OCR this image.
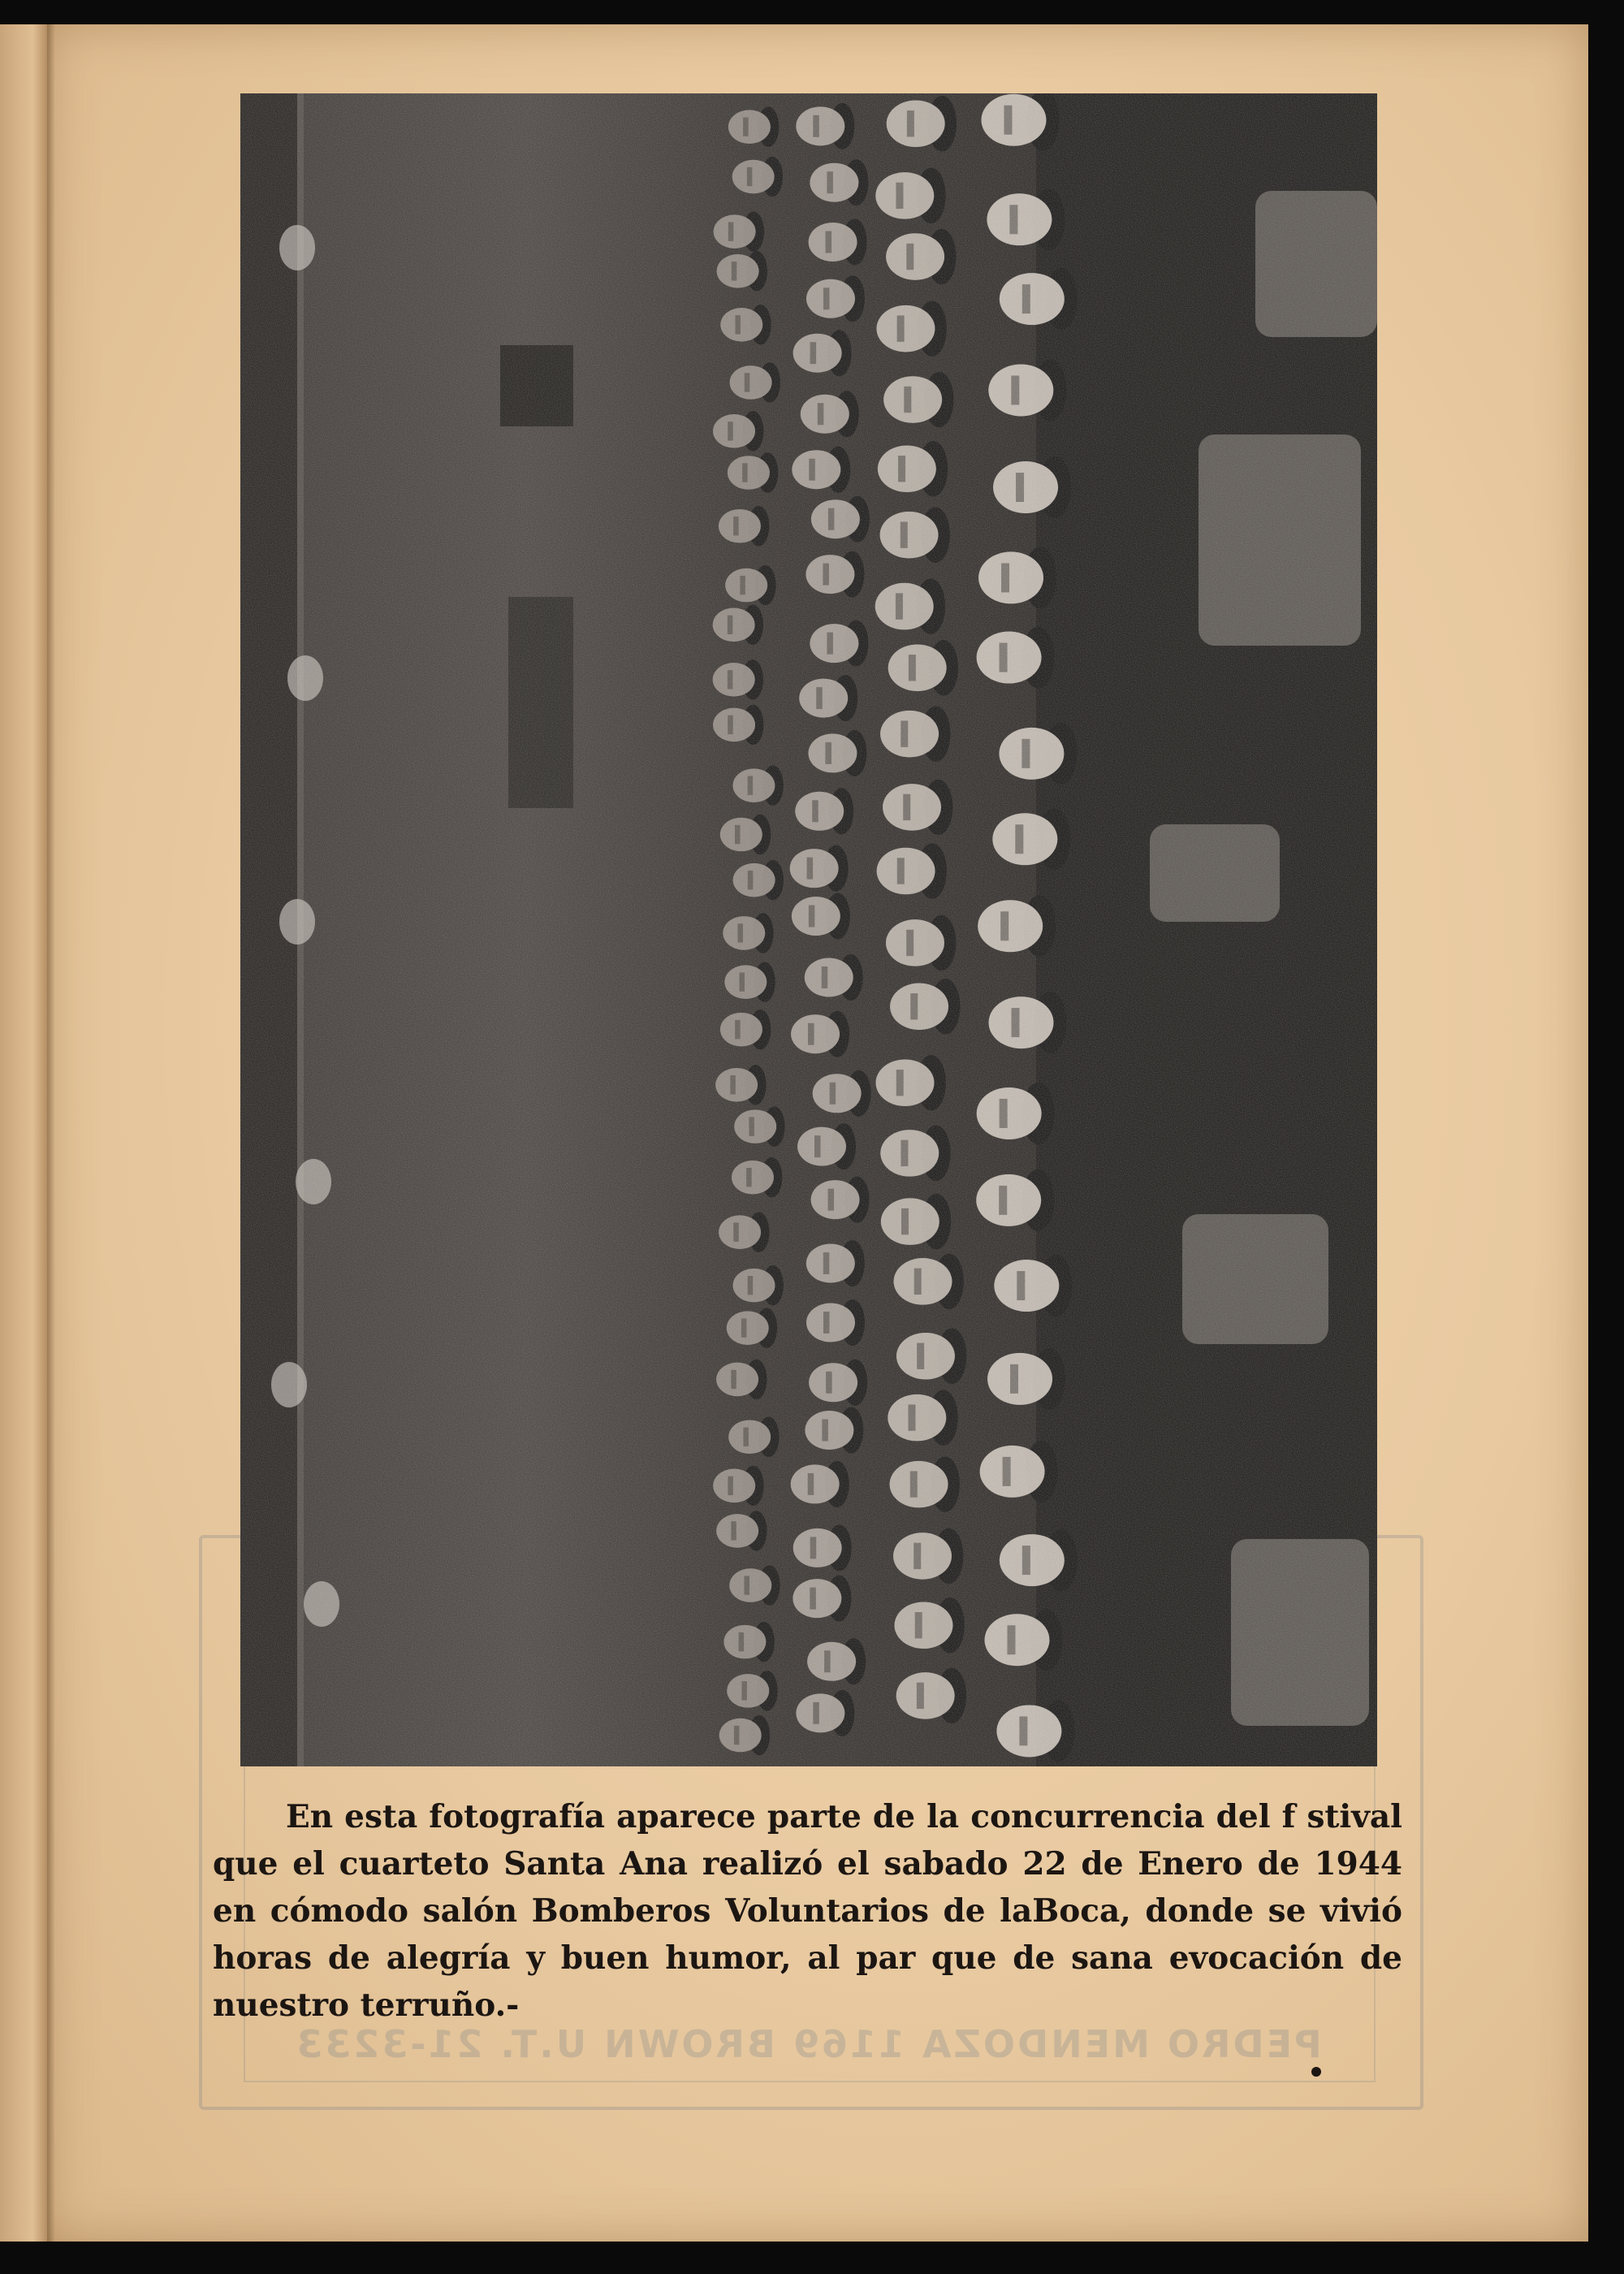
PEDRO MENDOZA 1169 BROWN U.T. 21-3233
En esta fotografía aparece parte de la concurrencia del f stival que el cuarteto Santa Ana realizó el sabado 22 de Enero de 1944 en cómodo salón Bomberos Voluntarios de laBoca, donde se vivió horas de alegría y buen humor, al par que de sana evocación de nuestro terruño.-
